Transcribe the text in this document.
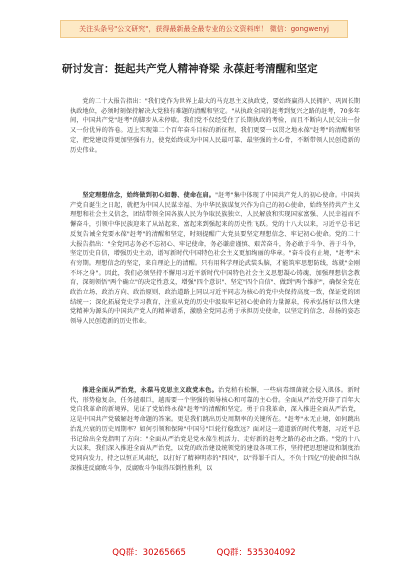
关注头条号"公文研究"，获得最新最全最专业的公文资料库！ 微信：gongwenyj
研讨发言：挺起共产党人精神脊梁 永葆赶考清醒和坚定

党的二十大报告指出："我们党作为世界上最大的马克思主义执政党，要始终赢得人民拥护、巩固长期执政地位，必须时刻保持解决大党独有难题的清醒和坚定。"从执政全国的赶考到复兴之路的赶考，70多年间，中国共产党"赶考"的脚步从未停歇。我们党不仅经受住了长期执政的考验，而且不断向人民交出一份又一份优异的答卷。迈上实现第二个百年奋斗目标的新征程，我们更要一以贯之地永葆"赶考"的清醒和坚定，把党建设得更加坚强有力，使党始终成为中国人民最可靠、最坚强的主心骨，不断带领人民创造新的历史伟业。

坚定理想信念，始终做到初心如磐、使命在肩。"赶考"集中体现了中国共产党人的初心使命。中国共产党自诞生之日起，就把为中国人民谋幸福、为中华民族谋复兴作为自己的初心使命，始终坚持共产主义理想和社会主义信念，团结带领全国各族人民为争取民族独立、人民解放和实现国家富强、人民幸福而不懈奋斗，引领中华民族迎来了从站起来、富起来到强起来的历史性飞跃。党的十八大以来，习近平总书记反复告诫全党要永葆"赶考"的清醒和坚定，时刻提醒广大党员要坚定理想信念、牢记初心使命。党的二十大报告指出："全党同志务必不忘初心、牢记使命，务必谦虚谨慎、艰苦奋斗，务必敢于斗争、善于斗争，坚定历史自信，增强历史主动，谱写新时代中国特色社会主义更加绚丽的华章。"奋斗没有止境，"赶考"未有穷期。理想信念的坚定，来自理论上的清醒。只有用科学理论武装头脑，才能筑牢思想防线，练就"金刚不坏之身"。因此，我们必须坚持不懈用习近平新时代中国特色社会主义思想凝心铸魂，加强理想信念教育，深刻领悟"两个确立"的决定性意义，增强"四个意识"、坚定"四个自信"、做到"两个维护"，确保全党在政治立场、政治方向、政治原则、政治道路上同以习近平同志为核心的党中央保持高度一致，保证党的团结统一；深化拓展党史学习教育，注重从党的历史中汲取牢记初心使命的力量源泉，传承弘扬好以伟大建党精神为源头的中国共产党人的精神谱系，激励全党同志勇于承担历史使命，以坚定的信念、昂扬的姿态领导人民创造新的历史伟业。

推进全面从严治党，永葆马克思主义政党本色。治党稍有松懈，一些病毒细菌就会侵入肌体。新时代，形势稳复杂，任务越艰巨，越需要一个坚强的领导核心和可靠的主心骨。全面从严治党开辟了百年大党自我革命的新境界，见证了党始终永葆"赶考"的清醒和坚定。勇于自我革命，深入推进全面从严治党，这是中国共产党破解赶考命题的答案。更是我们跳出历史周期率的关键所在。"赶考"永无止境，如何跳出治乱兴衰的历史周期率？如何引领和保障"中国号"巨轮行稳致远？面对这一道道新的时代考题，习近平总书记给出全党指明了方向："全面从严治党是党永葆生机活力、走好新的赶考之路的必由之路。"党的十八大以来，我们深入推进全面从严治党，以党的政治建设统领党的建设各项工作，坚持把思想建设和制度治党同向发力，持之以恒正风肃纪，以打好了精神明赤的"四风"，以"得罪千百人，不负十四亿"的使命担当纵深推进反腐败斗争，反腐败斗争取得压倒性胜利，以

QQ群：30265665	QQ群：535304092
